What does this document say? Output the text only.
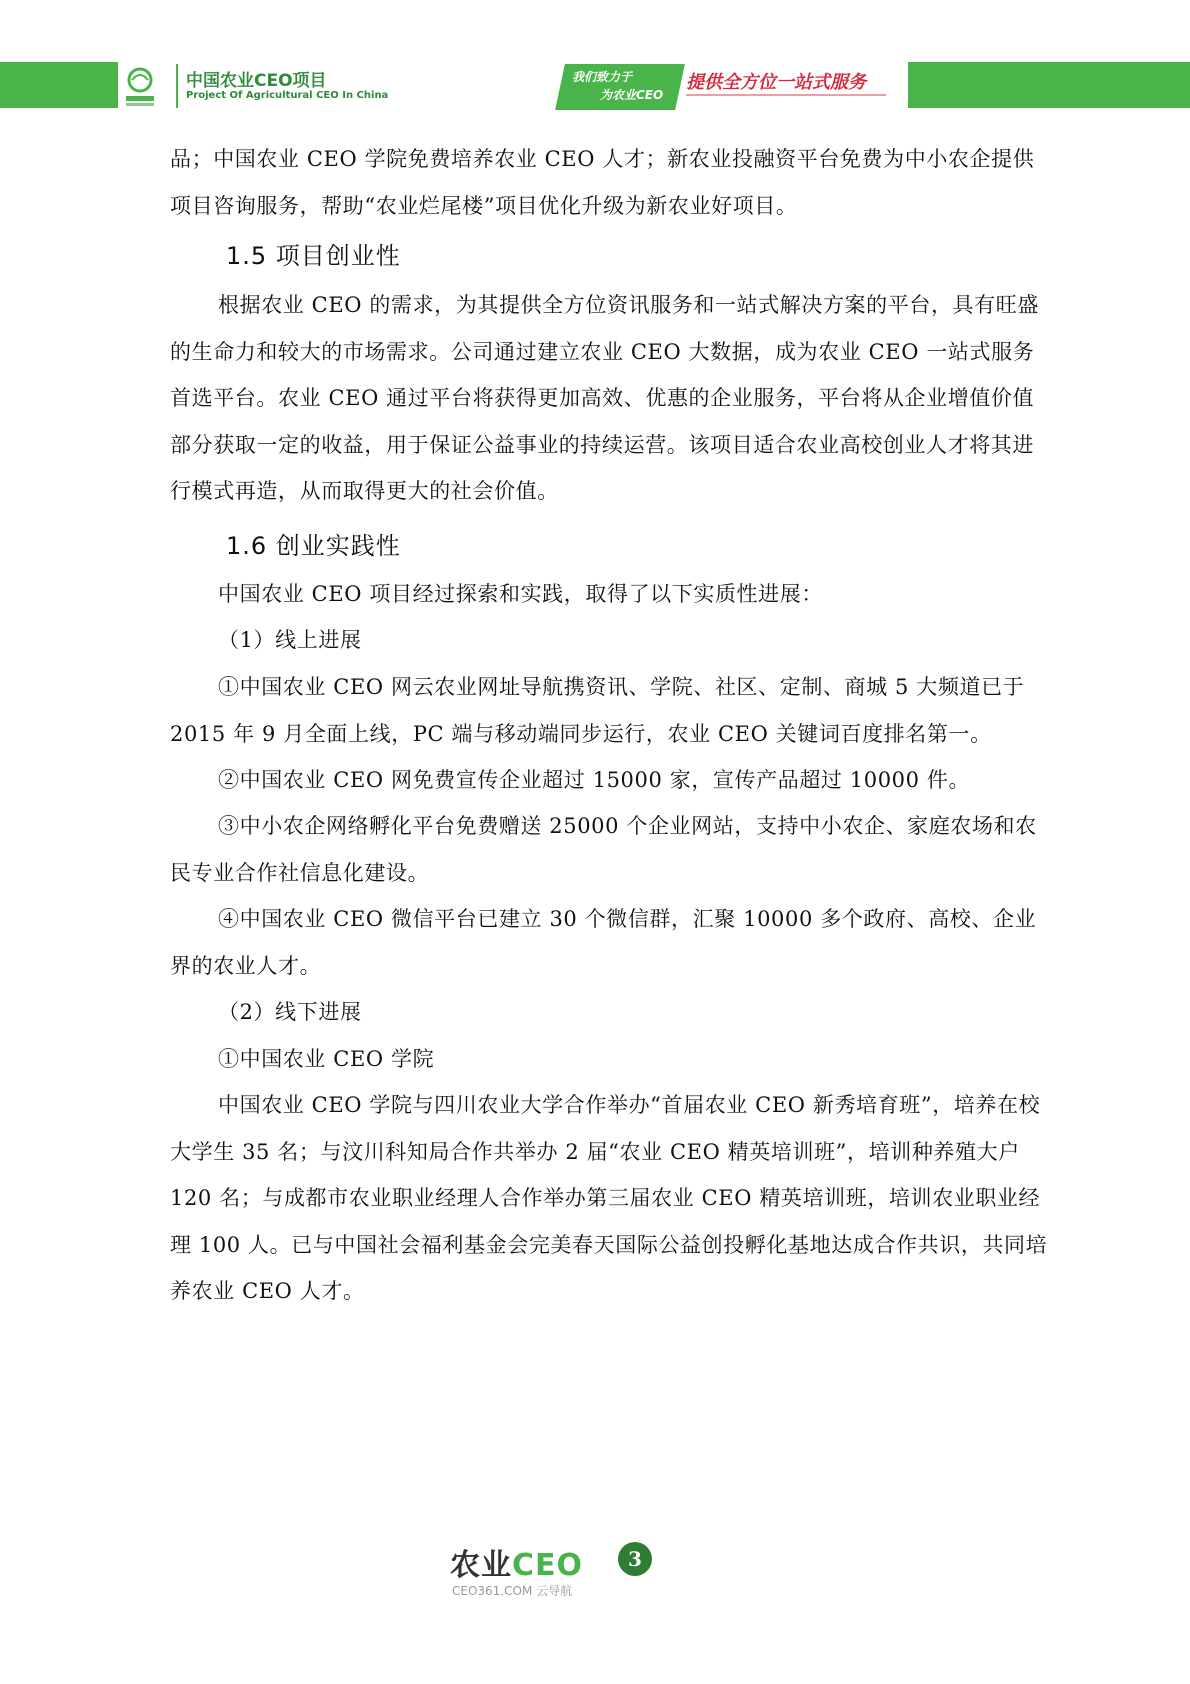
中国农业CEO项目
Project Of Agricultural CEO In China
我们致力于
为农业CEO
提供全方位一站式服务

品；中国农业 CEO 学院免费培养农业 CEO 人才；新农业投融资平台免费为中小农企提供项目咨询服务，帮助“农业烂尾楼”项目优化升级为新农业好项目。

1.5 项目创业性

根据农业 CEO 的需求，为其提供全方位资讯服务和一站式解决方案的平台，具有旺盛的生命力和较大的市场需求。公司通过建立农业 CEO 大数据，成为农业 CEO 一站式服务首选平台。农业 CEO 通过平台将获得更加高效、优惠的企业服务，平台将从企业增值价值部分获取一定的收益，用于保证公益事业的持续运营。该项目适合农业高校创业人才将其进行模式再造，从而取得更大的社会价值。

1.6 创业实践性

中国农业 CEO 项目经过探索和实践，取得了以下实质性进展：

（1）线上进展

①中国农业 CEO 网云农业网址导航携资讯、学院、社区、定制、商城 5 大频道已于 2015 年 9 月全面上线，PC 端与移动端同步运行，农业 CEO 关键词百度排名第一。

②中国农业 CEO 网免费宣传企业超过 15000 家，宣传产品超过 10000 件。

③中小农企网络孵化平台免费赠送 25000 个企业网站，支持中小农企、家庭农场和农民专业合作社信息化建设。

④中国农业 CEO 微信平台已建立 30 个微信群，汇聚 10000 多个政府、高校、企业界的农业人才。

（2）线下进展

①中国农业 CEO 学院

中国农业 CEO 学院与四川农业大学合作举办“首届农业 CEO 新秀培育班”，培养在校大学生 35 名；与汶川科知局合作共举办 2 届“农业 CEO 精英培训班”，培训种养殖大户 120 名；与成都市农业职业经理人合作举办第三届农业 CEO 精英培训班，培训农业职业经理 100 人。已与中国社会福利基金会完美春天国际公益创投孵化基地达成合作共识，共同培养农业 CEO 人才。

农业CEO	3
CEO361.COM 云导航
